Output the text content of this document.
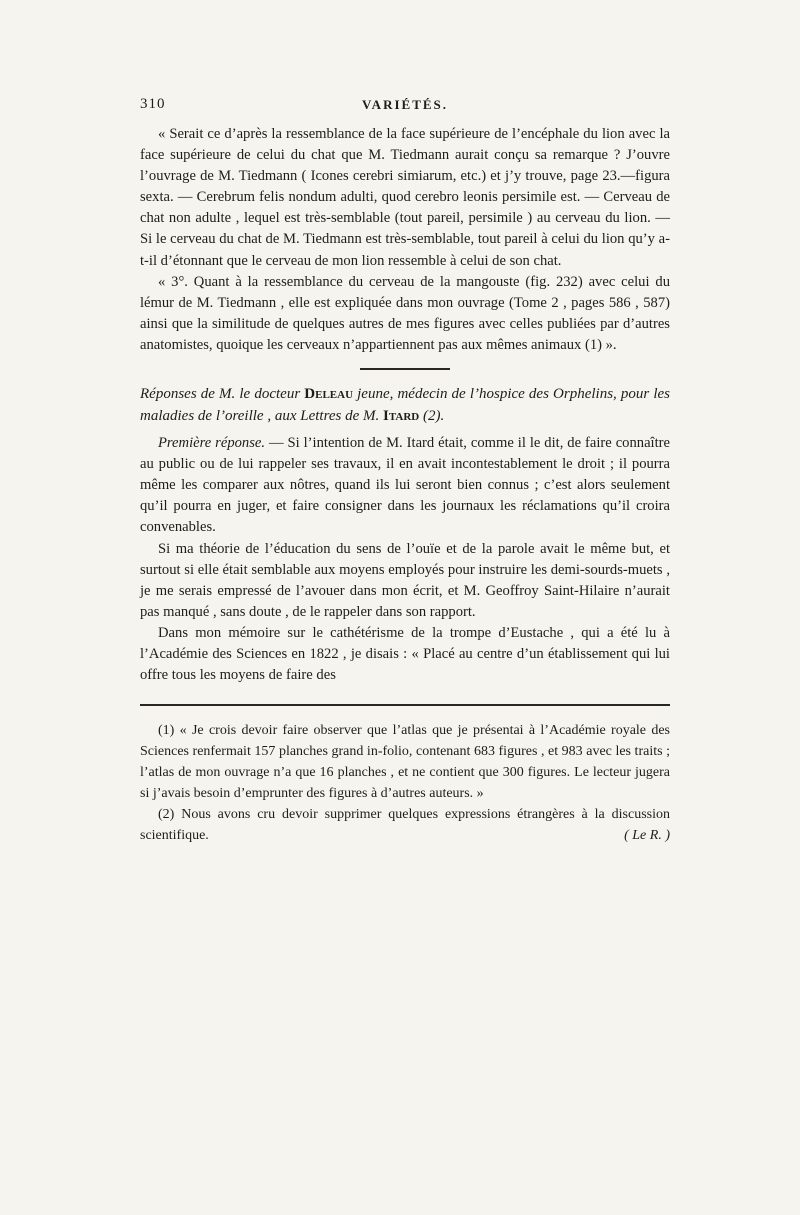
310	VARIÉTÉS.

« Serait ce d’après la ressemblance de la face supérieure de l’encéphale du lion avec la face supérieure de celui du chat que M. Tiedmann aurait conçu sa remarque ? J’ouvre l’ouvrage de M. Tiedmann ( Icones cerebri simiarum, etc.) et j’y trouve, page 23.—figura sexta. — Cerebrum felis nondum adulti, quod cerebro leonis persimile est. — Cerveau de chat non adulte , lequel est très-semblable (tout pareil, persimile ) au cerveau du lion. — Si le cerveau du chat de M. Tiedmann est très-semblable, tout pareil à celui du lion qu’y a-t-il d’étonnant que le cerveau de mon lion ressemble à celui de son chat.

« 3°. Quant à la ressemblance du cerveau de la mangouste (fig. 232) avec celui du lémur de M. Tiedmann , elle est expliquée dans mon ouvrage (Tome 2 , pages 586 , 587) ainsi que la similitude de quelques autres de mes figures avec celles publiées par d’autres anatomistes, quoique les cerveaux n’appartiennent pas aux mêmes animaux (1) ».

Réponses de M. le docteur Deleau jeune, médecin de l’hospice des Orphelins, pour les maladies de l’oreille , aux Lettres de M. Itard (2).

Première réponse. — Si l’intention de M. Itard était, comme il le dit, de faire connaître au public ou de lui rappeler ses travaux, il en avait incontestablement le droit ; il pourra même les comparer aux nôtres, quand ils lui seront bien connus ; c’est alors seulement qu’il pourra en juger, et faire consigner dans les journaux les réclamations qu’il croira convenables.

Si ma théorie de l’éducation du sens de l’ouïe et de la parole avait le même but, et surtout si elle était semblable aux moyens employés pour instruire les demi-sourds-muets , je me serais empressé de l’avouer dans mon écrit, et M. Geoffroy Saint-Hilaire n’aurait pas manqué , sans doute , de le rappeler dans son rapport.

Dans mon mémoire sur le cathétérisme de la trompe d’Eustache , qui a été lu à l’Académie des Sciences en 1822 , je disais : « Placé au centre d’un établissement qui lui offre tous les moyens de faire des

(1) « Je crois devoir faire observer que l’atlas que je présentai à l’Académie royale des Sciences renfermait 157 planches grand in-folio, contenant 683 figures , et 983 avec les traits ; l’atlas de mon ouvrage n’a que 16 planches , et ne contient que 300 figures. Le lecteur jugera si j’avais besoin d’emprunter des figures à d’autres auteurs. »

(2) Nous avons cru devoir supprimer quelques expressions étrangères à la discussion scientifique.	( Le R. )
